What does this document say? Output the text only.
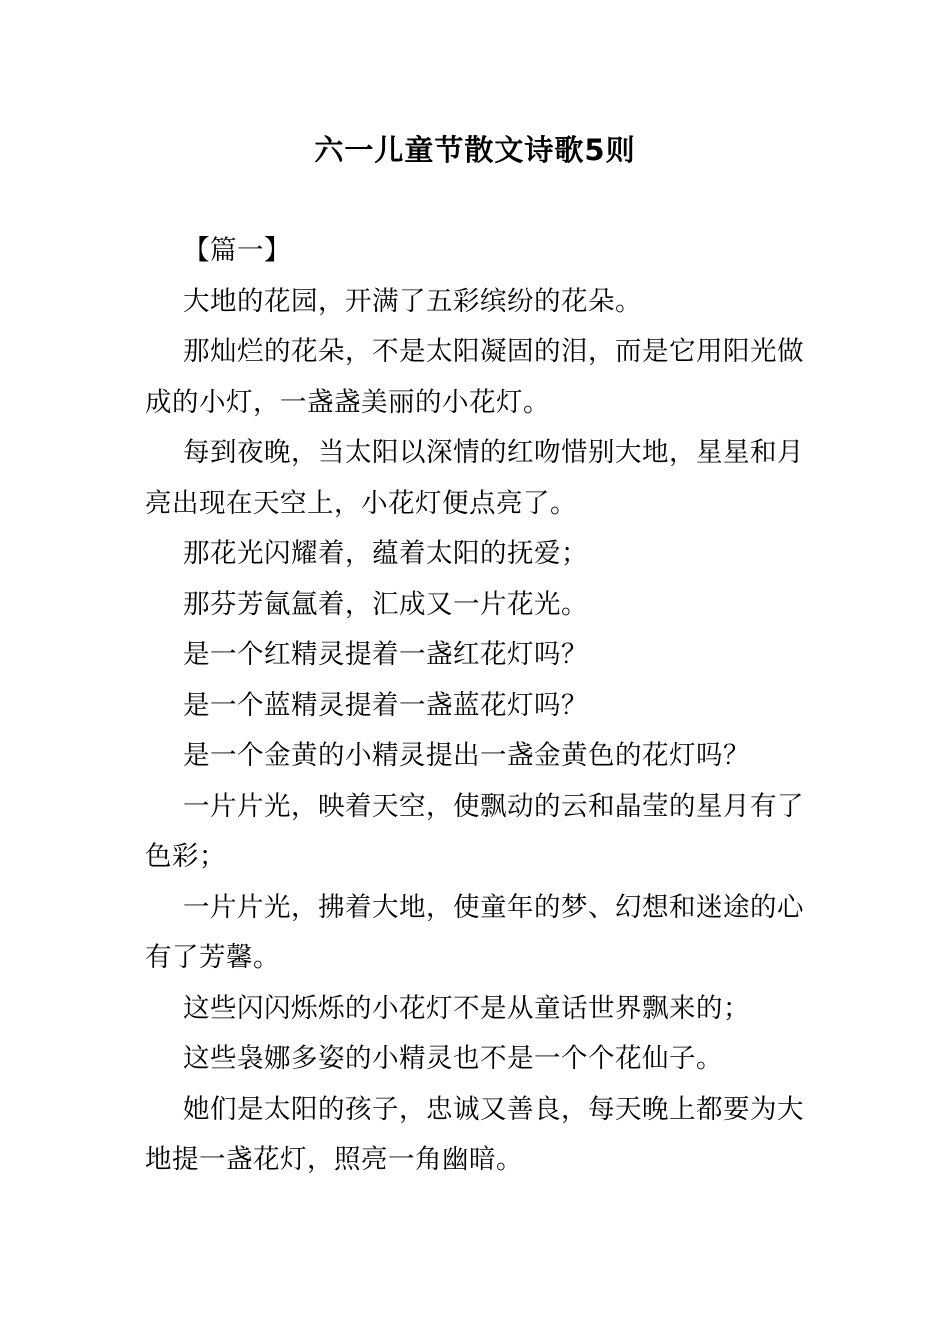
六一儿童节散文诗歌5则

【篇一】

大地的花园，开满了五彩缤纷的花朵。

那灿烂的花朵，不是太阳凝固的泪，而是它用阳光做成的小灯，一盏盏美丽的小花灯。

每到夜晚，当太阳以深情的红吻惜别大地，星星和月亮出现在天空上，小花灯便点亮了。

那花光闪耀着，蕴着太阳的抚爱；

那芬芳氤氲着，汇成又一片花光。

是一个红精灵提着一盏红花灯吗？

是一个蓝精灵提着一盏蓝花灯吗？

是一个金黄的小精灵提出一盏金黄色的花灯吗？

一片片光，映着天空，使飘动的云和晶莹的星月有了色彩；

一片片光，拂着大地，使童年的梦、幻想和迷途的心有了芳馨。

这些闪闪烁烁的小花灯不是从童话世界飘来的；

这些袅娜多姿的小精灵也不是一个个花仙子。

她们是太阳的孩子，忠诚又善良，每天晚上都要为大地提一盏花灯，照亮一角幽暗。
